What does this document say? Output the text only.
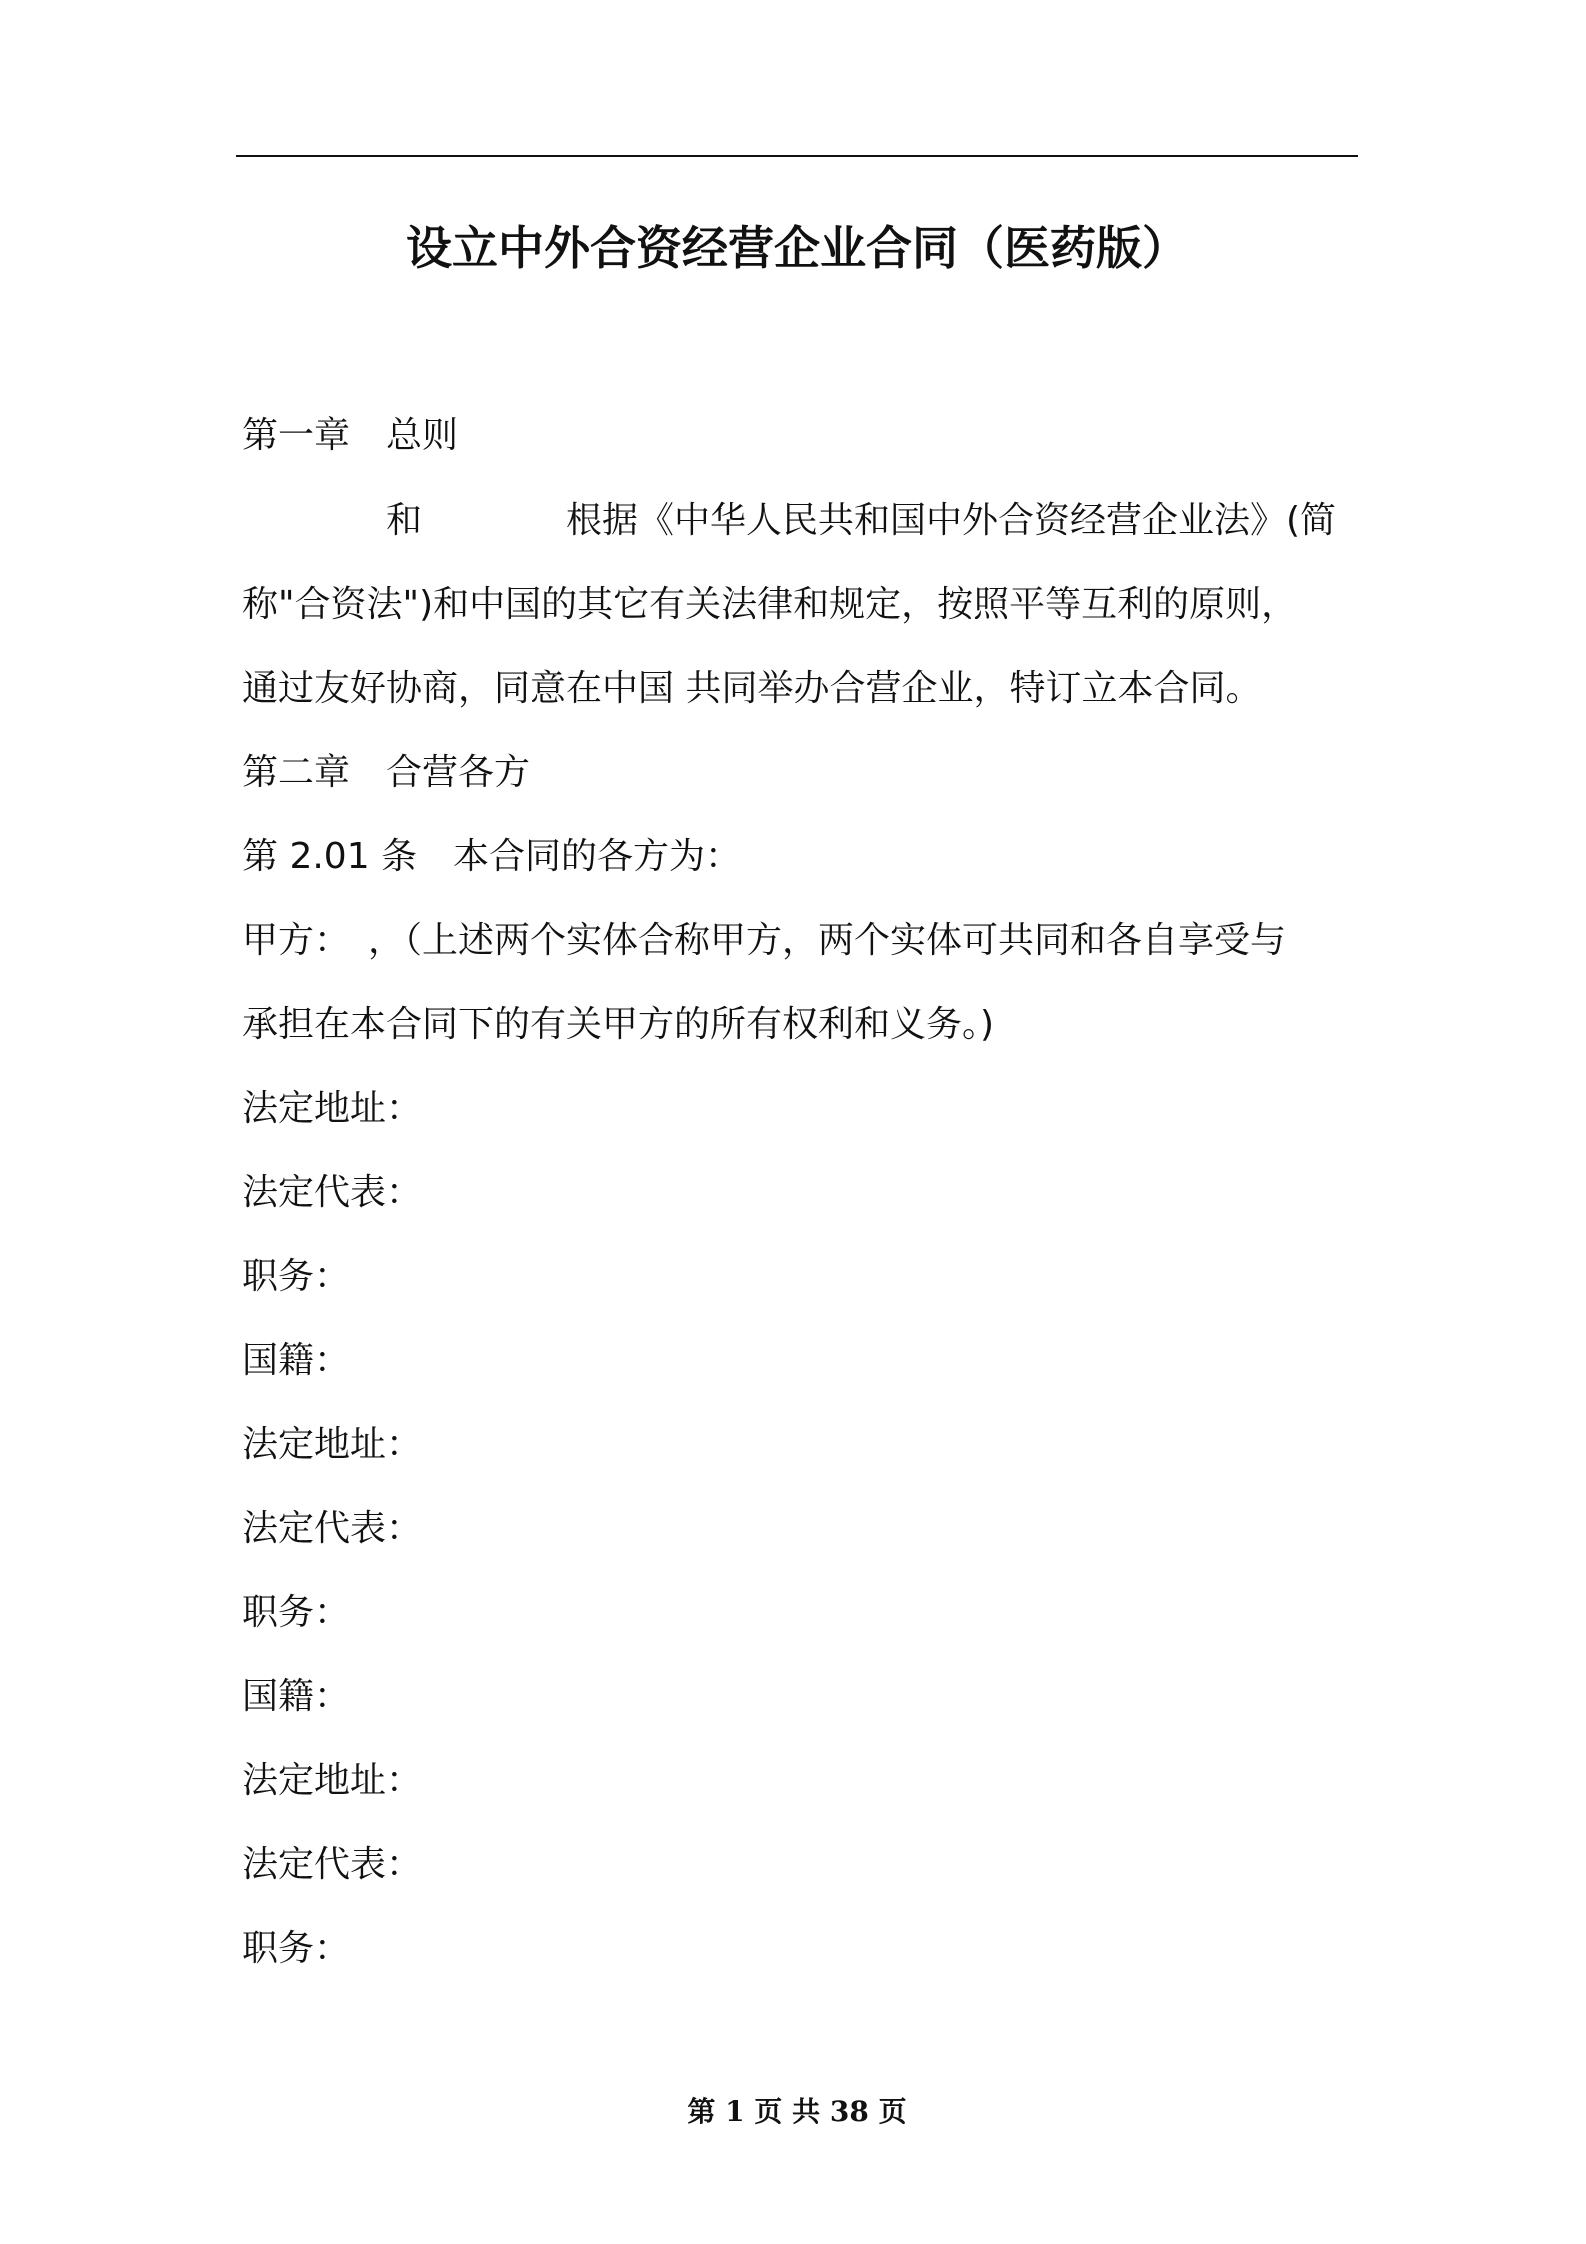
设立中外合资经营企业合同（医药版）
第一章　总则
　　　　和　　　　根据《中华人民共和国中外合资经营企业法》(简
称"合资法")和中国的其它有关法律和规定，按照平等互利的原则，
通过友好协商，同意在中国 共同举办合营企业，特订立本合同。
第二章　合营各方
第 2.01 条　本合同的各方为：
甲方：　，（上述两个实体合称甲方，两个实体可共同和各自享受与
承担在本合同下的有关甲方的所有权利和义务。)
法定地址：
法定代表：
职务：
国籍：
法定地址：
法定代表：
职务：
国籍：
法定地址：
法定代表：
职务：
第 1 页 共 38 页
